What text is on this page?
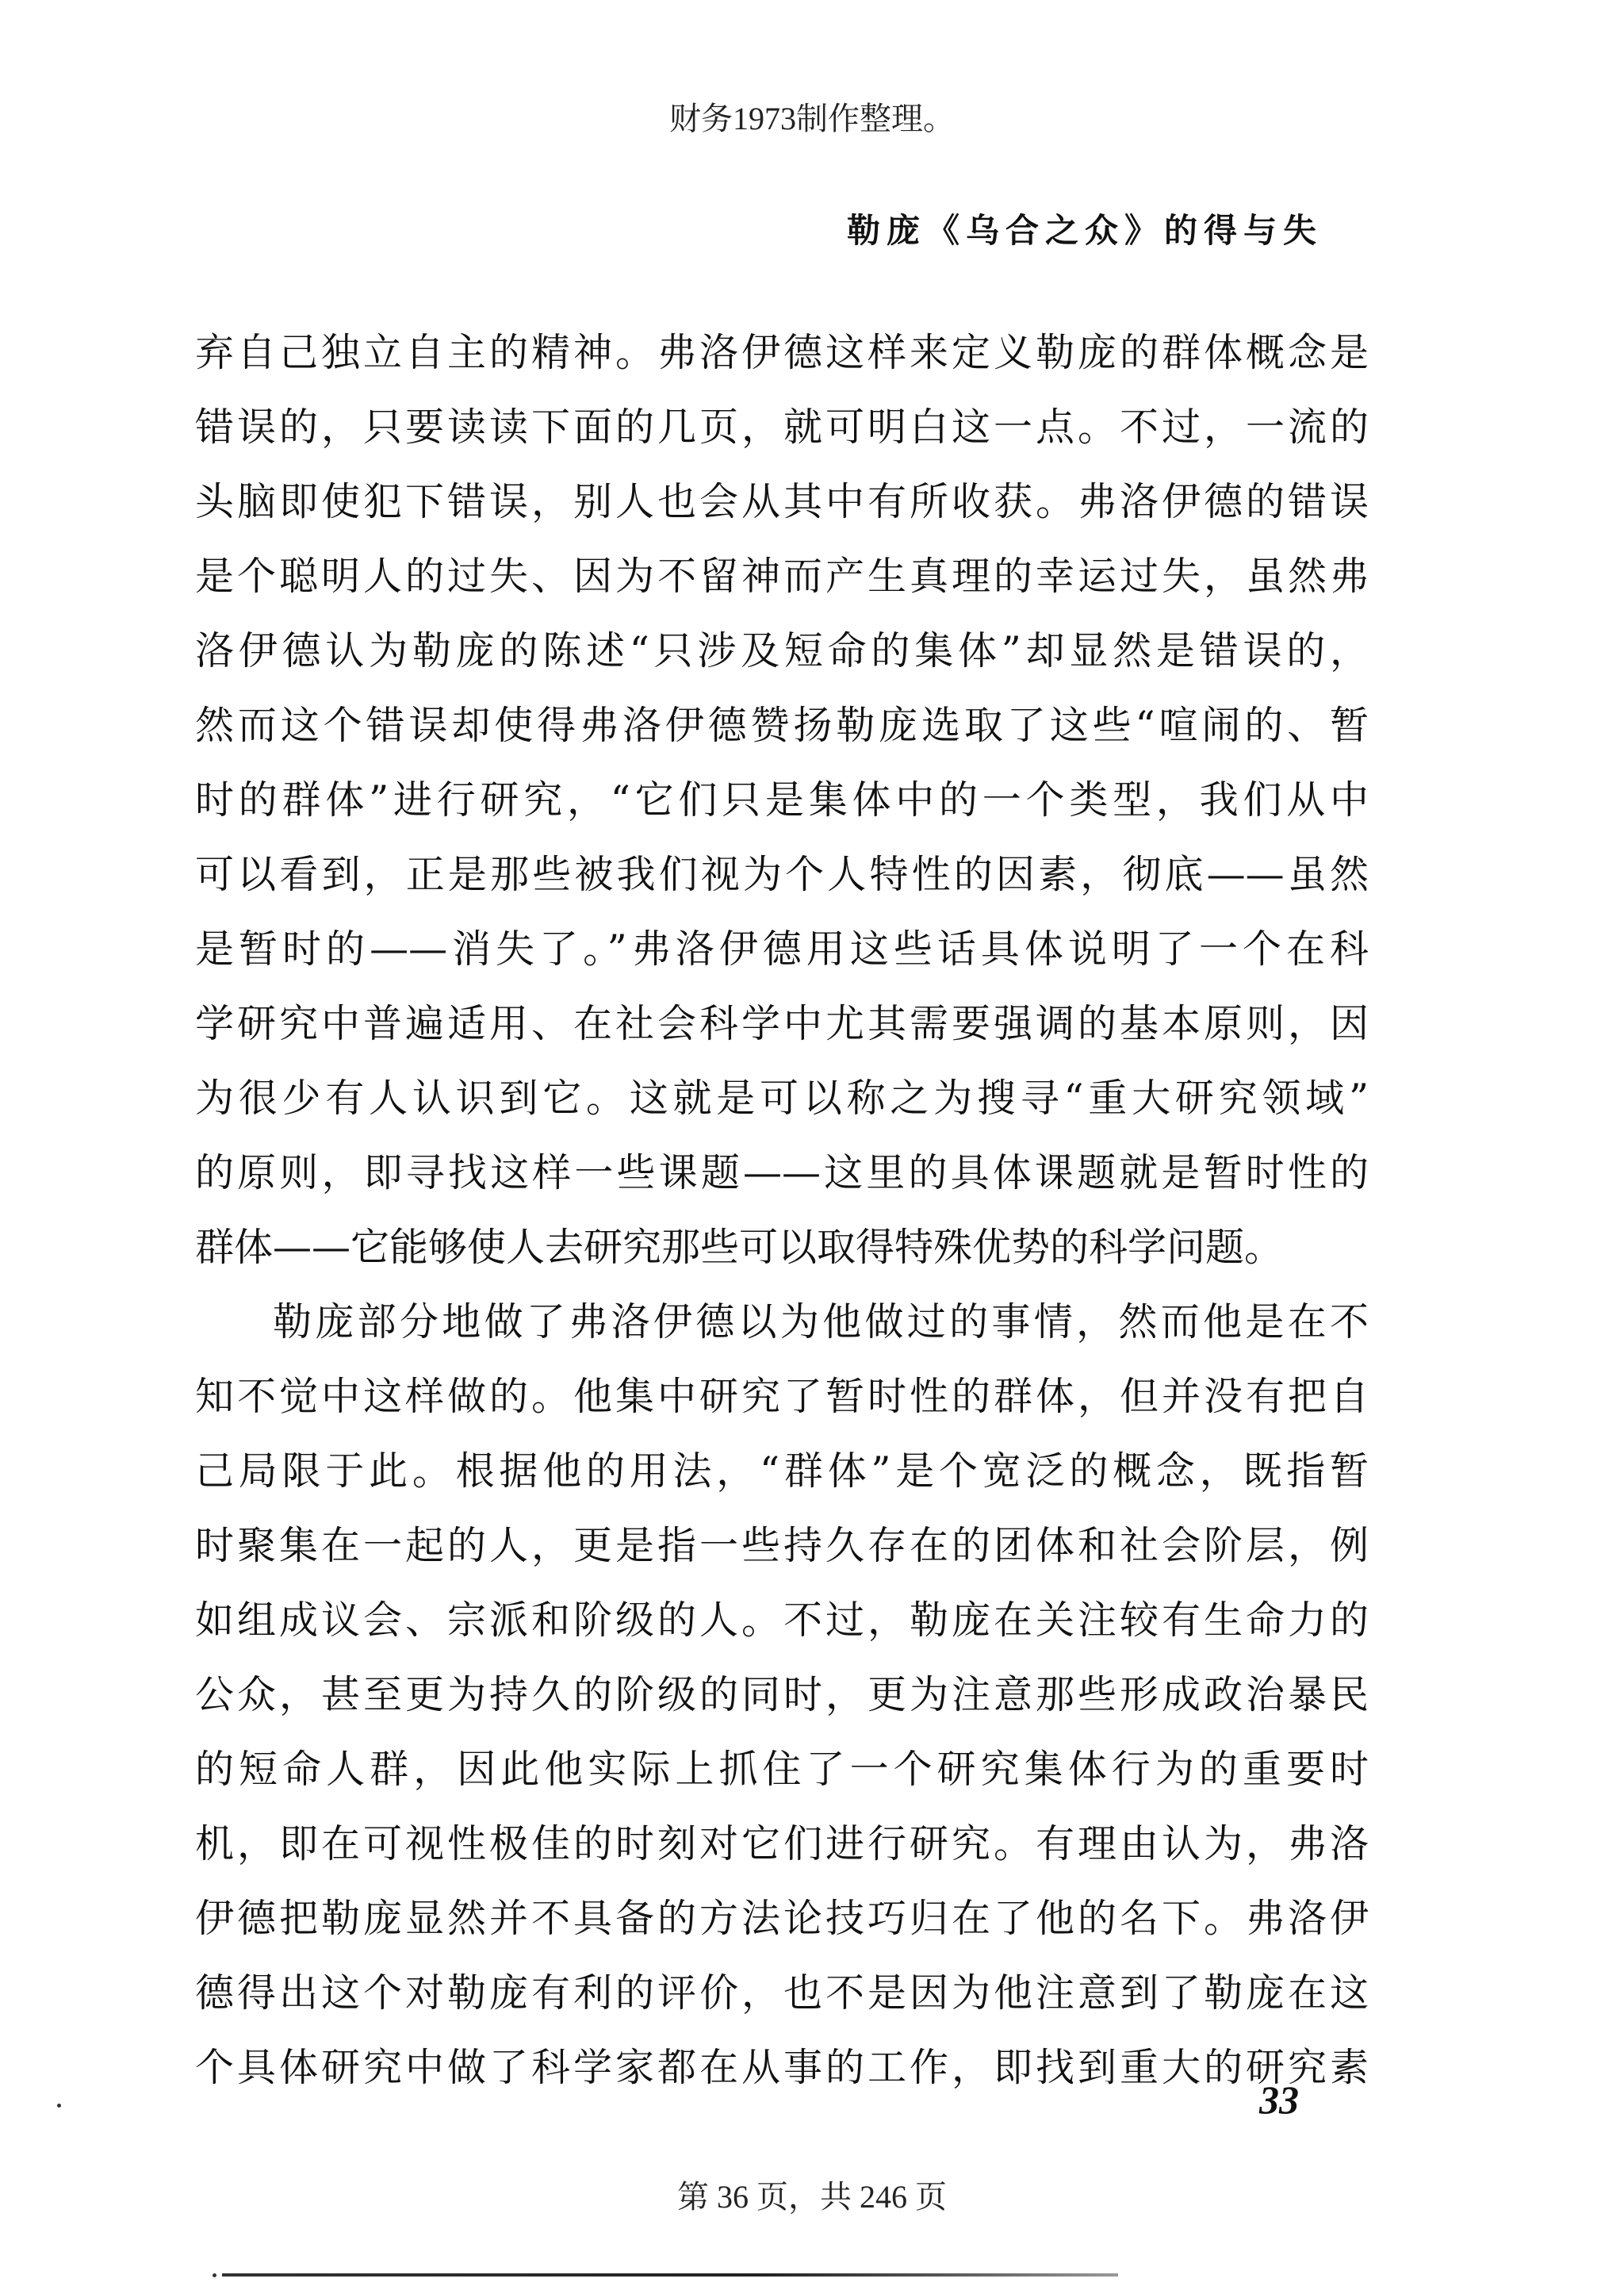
财务1973制作整理。
勒庞《乌合之众》的得与失
弃自己独立自主的精神。弗洛伊德这样来定义勒庞的群体概念是
错误的，只要读读下面的几页，就可明白这一点。不过，一流的
头脑即使犯下错误，别人也会从其中有所收获。弗洛伊德的错误
是个聪明人的过失、因为不留神而产生真理的幸运过失，虽然弗
洛伊德认为勒庞的陈述“只涉及短命的集体”却显然是错误的，
然而这个错误却使得弗洛伊德赞扬勒庞选取了这些“喧闹的、暂
时的群体”进行研究，“它们只是集体中的一个类型，我们从中
可以看到，正是那些被我们视为个人特性的因素，彻底——虽然
是暂时的——消失了。”弗洛伊德用这些话具体说明了一个在科
学研究中普遍适用、在社会科学中尤其需要强调的基本原则，因
为很少有人认识到它。这就是可以称之为搜寻“重大研究领域”
的原则，即寻找这样一些课题——这里的具体课题就是暂时性的
群体——它能够使人去研究那些可以取得特殊优势的科学问题。
勒庞部分地做了弗洛伊德以为他做过的事情，然而他是在不
知不觉中这样做的。他集中研究了暂时性的群体，但并没有把自
己局限于此。根据他的用法，“群体”是个宽泛的概念，既指暂
时聚集在一起的人，更是指一些持久存在的团体和社会阶层，例
如组成议会、宗派和阶级的人。不过，勒庞在关注较有生命力的
公众，甚至更为持久的阶级的同时，更为注意那些形成政治暴民
的短命人群，因此他实际上抓住了一个研究集体行为的重要时
机，即在可视性极佳的时刻对它们进行研究。有理由认为，弗洛
伊德把勒庞显然并不具备的方法论技巧归在了他的名下。弗洛伊
德得出这个对勒庞有利的评价，也不是因为他注意到了勒庞在这
个具体研究中做了科学家都在从事的工作，即找到重大的研究素
33
第 36 页，共 246 页
